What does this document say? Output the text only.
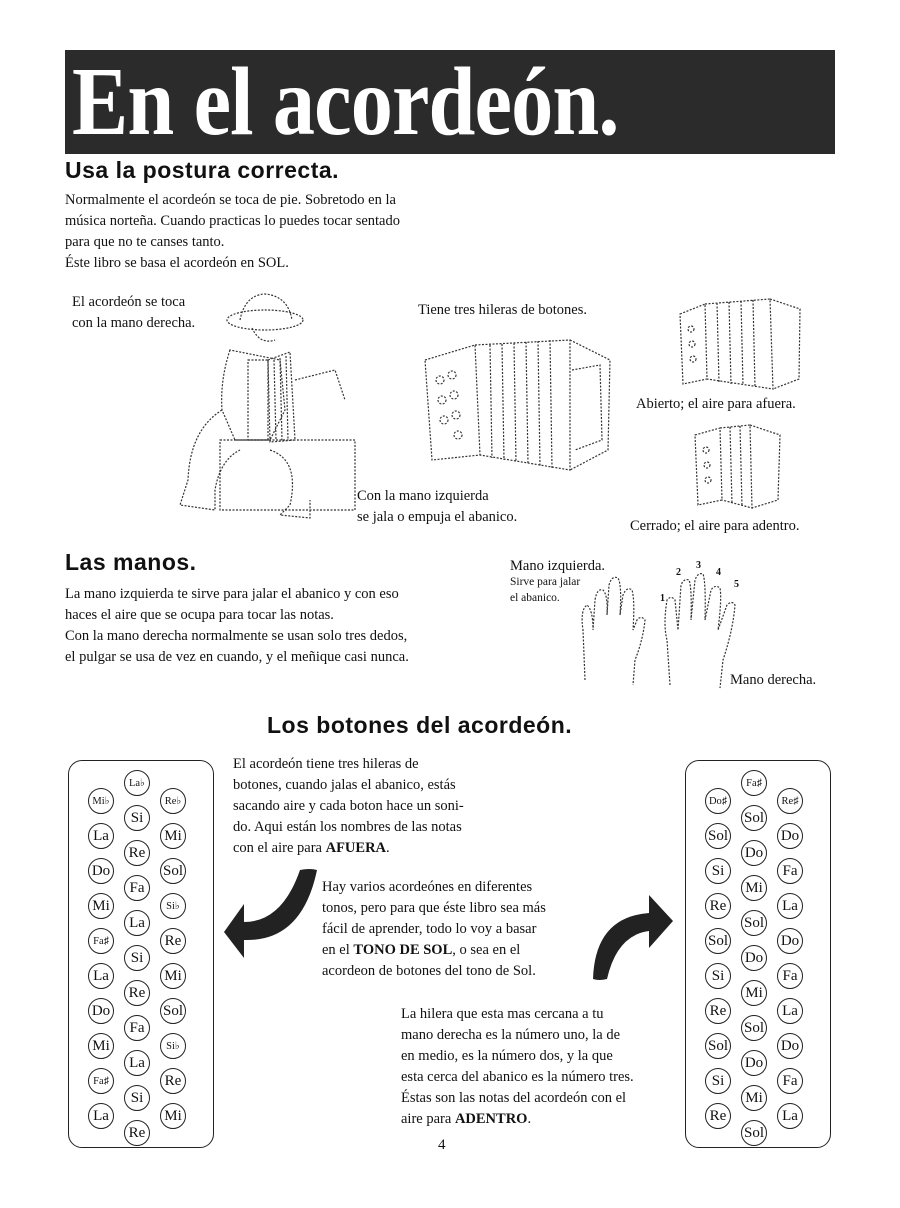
En el acordeón.
Usa la postura correcta.

Normalmente el acordeón se toca de pie. Sobretodo en la

música norteña. Cuando practicas lo puedes tocar sentado

para que no te canses tanto.

Éste libro se basa el acordeón en SOL.

El acordeón se toca
con la mano derecha.
Tiene tres hileras de botones.
Abierto; el aire para afuera.
Con la mano izquierda
se jala o empuja el abanico.
Cerrado; el aire para adentro.
Las manos.

La mano izquierda te sirve para jalar el abanico y con eso

haces el aire que se ocupa para tocar las notas.

Con la mano derecha normalmente se usan solo tres dedos,

el pulgar se usa de vez en cuando, y el meñique casi nunca.

Mano izquierda.
Sirve para jalar
el abanico.
Mano derecha.
1
2
3
4
5
Los botones del acordeón.

El acordeón tiene tres hileras de

botones, cuando jalas el abanico, estás

sacando aire y cada boton hace un soni-

do. Aqui están los nombres de las notas

con el aire para AFUERA.

Hay varios acordeónes en diferentes

tonos, pero para que éste libro sea más

fácil de aprender, todo lo voy a basar

en el TONO DE SOL, o sea en el

acordeon de botones del tono de Sol.

La hilera que esta mas cercana a tu

mano derecha es la número uno, la de

en medio, es la número dos, y la que

esta cerca del abanico es la número tres.

Éstas son las notas del acordeón con el

aire para ADENTRO.

Mi♭
La
Do
Mi
Fa♯
La
Do
Mi
Fa♯
La
La♭
Si
Re
Fa
La
Si
Re
Fa
La
Si
Re
Re♭
Mi
Sol
Si♭
Re
Mi
Sol
Si♭
Re
Mi
Do♯
Sol
Si
Re
Sol
Si
Re
Sol
Si
Re
Fa♯
Sol
Do
Mi
Sol
Do
Mi
Sol
Do
Mi
Sol
Re♯
Do
Fa
La
Do
Fa
La
Do
Fa
La
4
